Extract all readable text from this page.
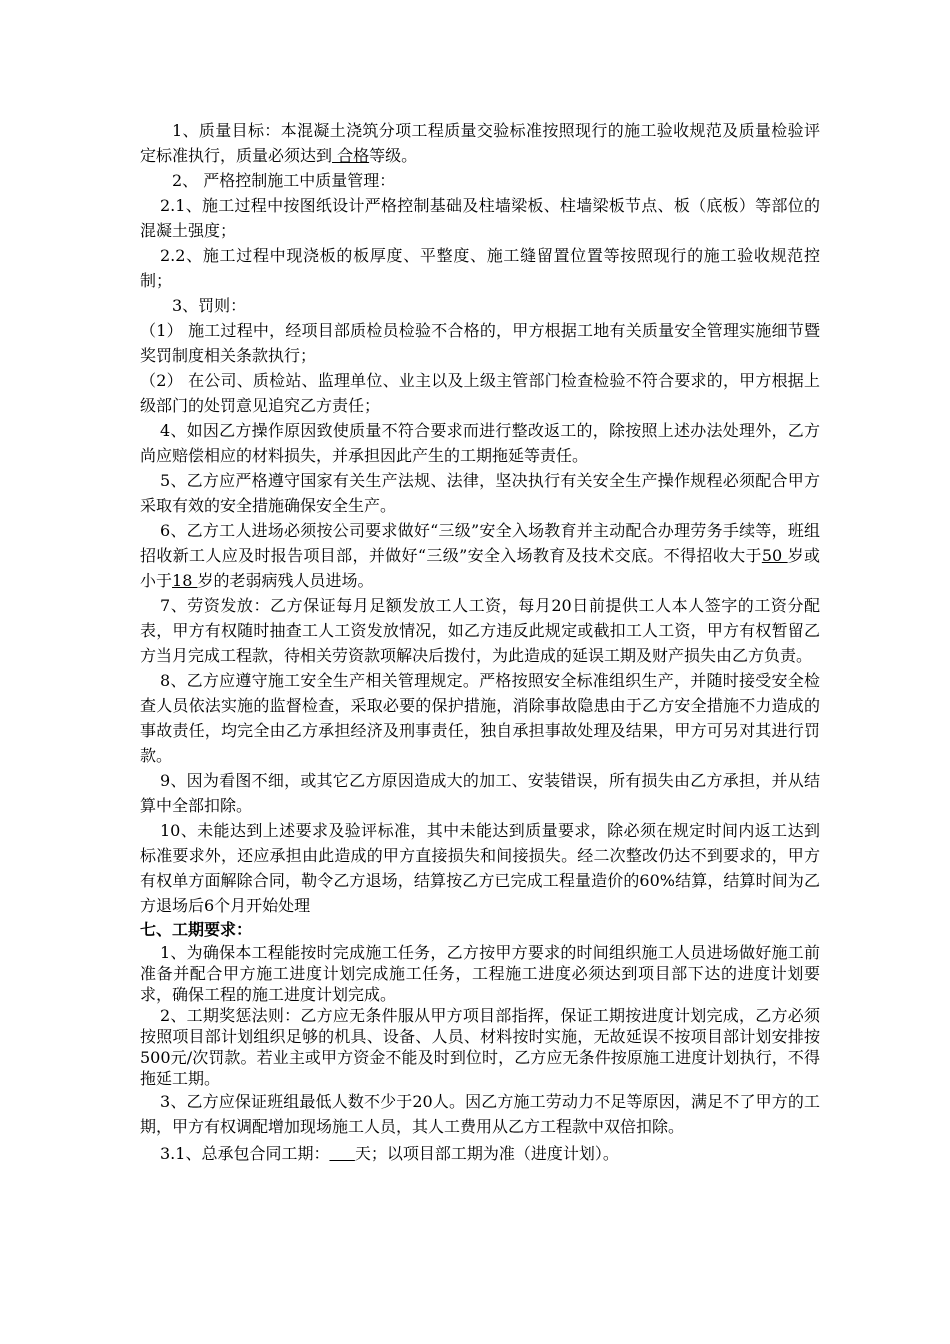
1、质量目标：本混凝土浇筑分项工程质量交验标准按照现行的施工验收规范及质量检验评定标准执行，质量必须达到 合格等级。

2、 严格控制施工中质量管理：

2.1、施工过程中按图纸设计严格控制基础及柱墙梁板、柱墙梁板节点、板（底板）等部位的混凝土强度；

2.2、施工过程中现浇板的板厚度、平整度、施工缝留置位置等按照现行的施工验收规范控制；

3、罚则：

（1） 施工过程中，经项目部质检员检验不合格的，甲方根据工地有关质量安全管理实施细节暨奖罚制度相关条款执行；

（2） 在公司、质检站、监理单位、业主以及上级主管部门检查检验不符合要求的，甲方根据上级部门的处罚意见追究乙方责任；

4、如因乙方操作原因致使质量不符合要求而进行整改返工的，除按照上述办法处理外，乙方尚应赔偿相应的材料损失，并承担因此产生的工期拖延等责任。

5、乙方应严格遵守国家有关生产法规、法律，坚决执行有关安全生产操作规程必须配合甲方采取有效的安全措施确保安全生产。

6、乙方工人进场必须按公司要求做好“三级”安全入场教育并主动配合办理劳务手续等，班组招收新工人应及时报告项目部，并做好“三级”安全入场教育及技术交底。不得招收大于50 岁或小于18 岁的老弱病残人员进场。

7、劳资发放：乙方保证每月足额发放工人工资，每月20日前提供工人本人签字的工资分配表，甲方有权随时抽查工人工资发放情况，如乙方违反此规定或截扣工人工资，甲方有权暂留乙方当月完成工程款，待相关劳资款项解决后拨付，为此造成的延误工期及财产损失由乙方负责。

8、乙方应遵守施工安全生产相关管理规定。严格按照安全标准组织生产，并随时接受安全检查人员依法实施的监督检查，采取必要的保护措施，消除事故隐患由于乙方安全措施不力造成的事故责任，均完全由乙方承担经济及刑事责任，独自承担事故处理及结果，甲方可另对其进行罚款。

9、因为看图不细，或其它乙方原因造成大的加工、安装错误，所有损失由乙方承担，并从结算中全部扣除。

10、未能达到上述要求及验评标准，其中未能达到质量要求，除必须在规定时间内返工达到标准要求外，还应承担由此造成的甲方直接损失和间接损失。经二次整改仍达不到要求的，甲方有权单方面解除合同，勒令乙方退场，结算按乙方已完成工程量造价的60%结算，结算时间为乙方退场后6个月开始处理

七、工期要求：

1、为确保本工程能按时完成施工任务，乙方按甲方要求的时间组织施工人员进场做好施工前准备并配合甲方施工进度计划完成施工任务，工程施工进度必须达到项目部下达的进度计划要求，确保工程的施工进度计划完成。

2、工期奖惩法则：乙方应无条件服从甲方项目部指挥，保证工期按进度计划完成，乙方必须按照项目部计划组织足够的机具、设备、人员、材料按时实施，无故延误不按项目部计划安排按500元/次罚款。若业主或甲方资金不能及时到位时，乙方应无条件按原施工进度计划执行，不得拖延工期。

3、乙方应保证班组最低人数不少于20人。因乙方施工劳动力不足等原因，满足不了甲方的工期，甲方有权调配增加现场施工人员，其人工费用从乙方工程款中双倍扣除。

3.1、总承包合同工期： 天；以项目部工期为准（进度计划）。
